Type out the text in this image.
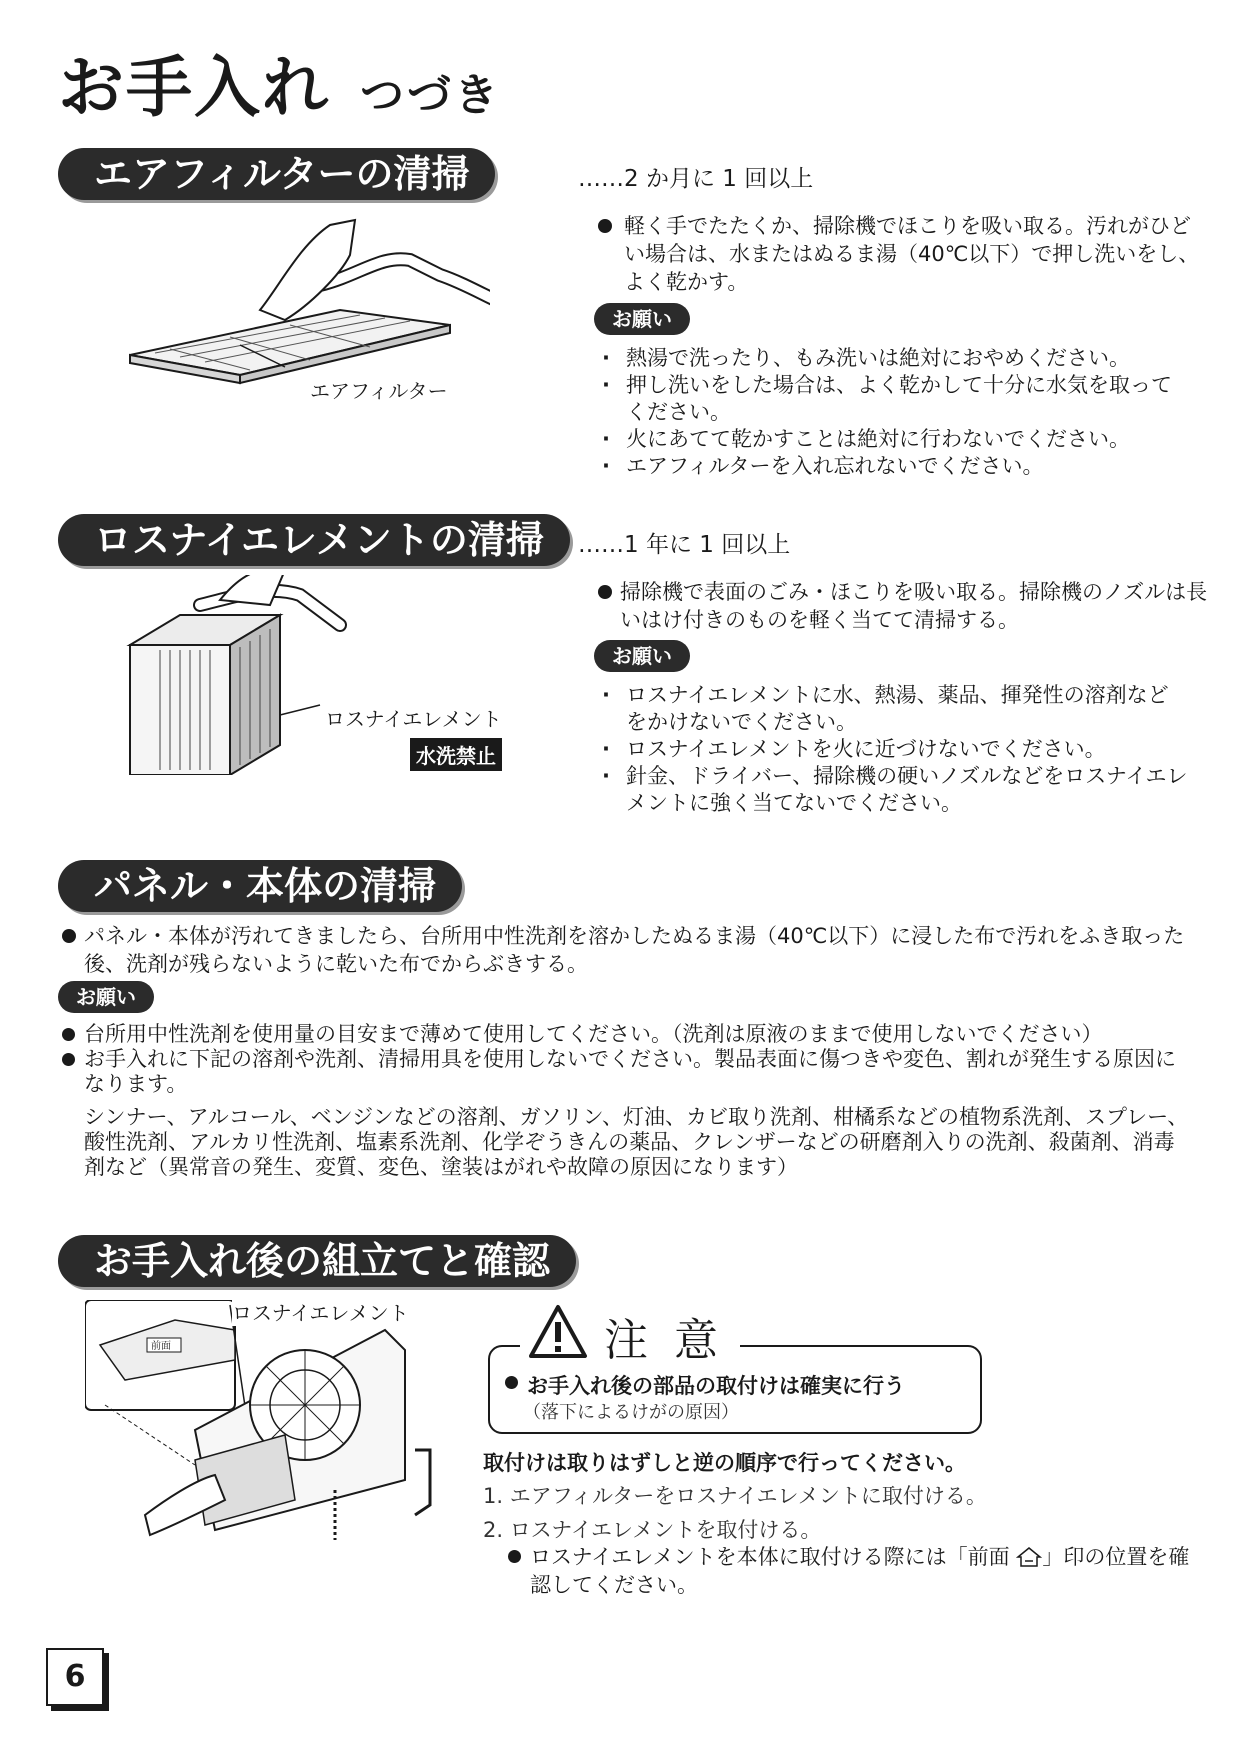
お手入れ つづき
エアフィルターの清掃	……2 か月に 1 回以上
エアフィルター
軽く手でたたくか、掃除機でほこりを吸い取る。汚れがひどい場合は、水またはぬるま湯（40℃以下）で押し洗いをし、よく乾かす。
お願い
· 熱湯で洗ったり、もみ洗いは絶対におやめください。
· 押し洗いをした場合は、よく乾かして十分に水気を取ってください。
· 火にあてて乾かすことは絶対に行わないでください。
· エアフィルターを入れ忘れないでください。
ロスナイエレメントの清掃	……1 年に 1 回以上
ロスナイエレメント
水洗禁止
掃除機で表面のごみ・ほこりを吸い取る。掃除機のノズルは長いはけ付きのものを軽く当てて清掃する。
お願い
· ロスナイエレメントに水、熱湯、薬品、揮発性の溶剤などをかけないでください。
· ロスナイエレメントを火に近づけないでください。
· 針金、ドライバー、掃除機の硬いノズルなどをロスナイエレメントに強く当てないでください。
パネル・本体の清掃
パネル・本体が汚れてきましたら、台所用中性洗剤を溶かしたぬるま湯（40℃以下）に浸した布で汚れをふき取った後、洗剤が残らないように乾いた布でからぶきする。
お願い
台所用中性洗剤を使用量の目安まで薄めて使用してください。（洗剤は原液のままで使用しないでください）
お手入れに下記の溶剤や洗剤、清掃用具を使用しないでください。製品表面に傷つきや変色、割れが発生する原因になります。
シンナー、アルコール、ベンジンなどの溶剤、ガソリン、灯油、カビ取り洗剤、柑橘系などの植物系洗剤、スプレー、酸性洗剤、アルカリ性洗剤、塩素系洗剤、化学ぞうきんの薬品、クレンザーなどの研磨剤入りの洗剤、殺菌剤、消毒剤など（異常音の発生、変質、変色、塗装はがれや故障の原因になります）
お手入れ後の組立てと確認
前面
ロスナイエレメント
注 意
お手入れ後の部品の取付けは確実に行う
（落下によるけがの原因）
取付けは取りはずしと逆の順序で行ってください。
1. エアフィルターをロスナイエレメントに取付ける。
2. ロスナイエレメントを取付ける。
ロスナイエレメントを本体に取付ける際には「前面 」印の位置を確認してください。
6
